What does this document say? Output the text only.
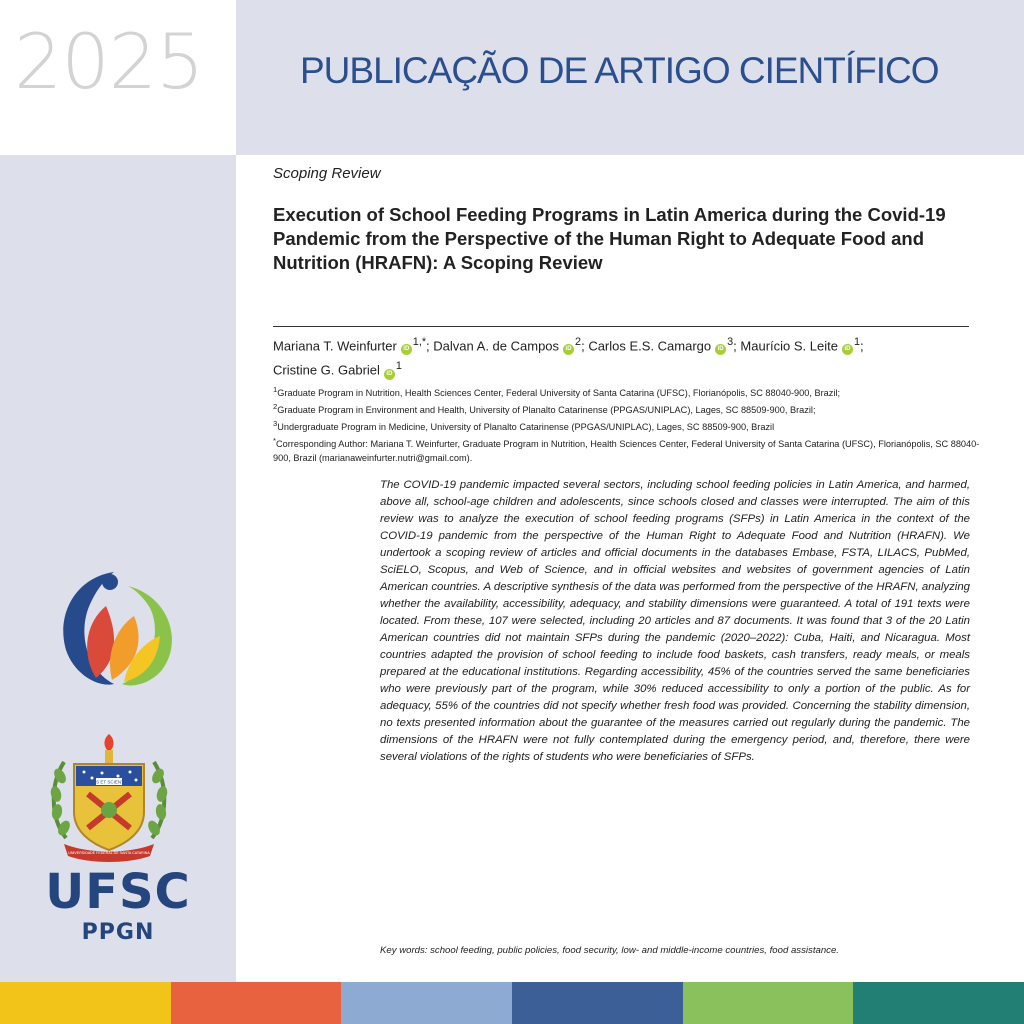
2025	PUBLICAÇÃO DE ARTIGO CIENTÍFICO
ARS ET SCIENTIA
UNIVERSIDADE FEDERAL DE SANTA CATARINA
UFSC
PPGN
Scoping Review
Execution of School Feeding Programs in Latin America during the Covid-19 Pandemic from the Perspective of the Human Right to Adequate Food and Nutrition (HRAFN): A Scoping Review
Mariana T. Weinfurter $iD^{1,*}$; Dalvan A. de Campos $iD^2$; Carlos E.S. Camargo $iD^3$; Maurício S. Leite $iD^1$;
Cristine G. Gabriel $iD^1$
$^1$Graduate Program in Nutrition, Health Sciences Center, Federal University of Santa Catarina (UFSC), Florianópolis, SC 88040-900, Brazil;
$^2$Graduate Program in Environment and Health, University of Planalto Catarinense (PPGAS/UNIPLAC), Lages, SC 88509-900, Brazil;
$^3$Undergraduate Program in Medicine, University of Planalto Catarinense (PPGAS/UNIPLAC), Lages, SC 88509-900, Brazil
*Corresponding Author: Mariana T. Weinfurter, Graduate Program in Nutrition, Health Sciences Center, Federal University of Santa Catarina (UFSC), Florianópolis, SC 88040-900, Brazil (marianaweinfurter.nutri@gmail.com).
The COVID-19 pandemic impacted several sectors, including school feeding policies in Latin America, and harmed, above all, school-age children and adolescents, since schools closed and classes were interrupted. The aim of this review was to analyze the execution of school feeding programs (SFPs) in Latin America in the context of the COVID-19 pandemic from the perspective of the Human Right to Adequate Food and Nutrition (HRAFN). We undertook a scoping review of articles and official documents in the databases Embase, FSTA, LILACS, PubMed, SciELO, Scopus, and Web of Science, and in official websites and websites of government agencies of Latin American countries. A descriptive synthesis of the data was performed from the perspective of the HRAFN, analyzing whether the availability, accessibility, adequacy, and stability dimensions were guaranteed. A total of 191 texts were located. From these, 107 were selected, including 20 articles and 87 documents. It was found that 3 of the 20 Latin American countries did not maintain SFPs during the pandemic (2020–2022): Cuba, Haiti, and Nicaragua. Most countries adapted the provision of school feeding to include food baskets, cash transfers, ready meals, or meals prepared at the educational institutions. Regarding accessibility, 45% of the countries served the same beneficiaries who were previously part of the program, while 30% reduced accessibility to only a portion of the public. As for adequacy, 55% of the countries did not specify whether fresh food was provided. Concerning the stability dimension, no texts presented information about the guarantee of the measures carried out regularly during the pandemic. The dimensions of the HRAFN were not fully contemplated during the emergency period, and, therefore, there were several violations of the rights of students who were beneficiaries of SFPs.
Key words: school feeding, public policies, food security, low- and middle-income countries, food assistance.
